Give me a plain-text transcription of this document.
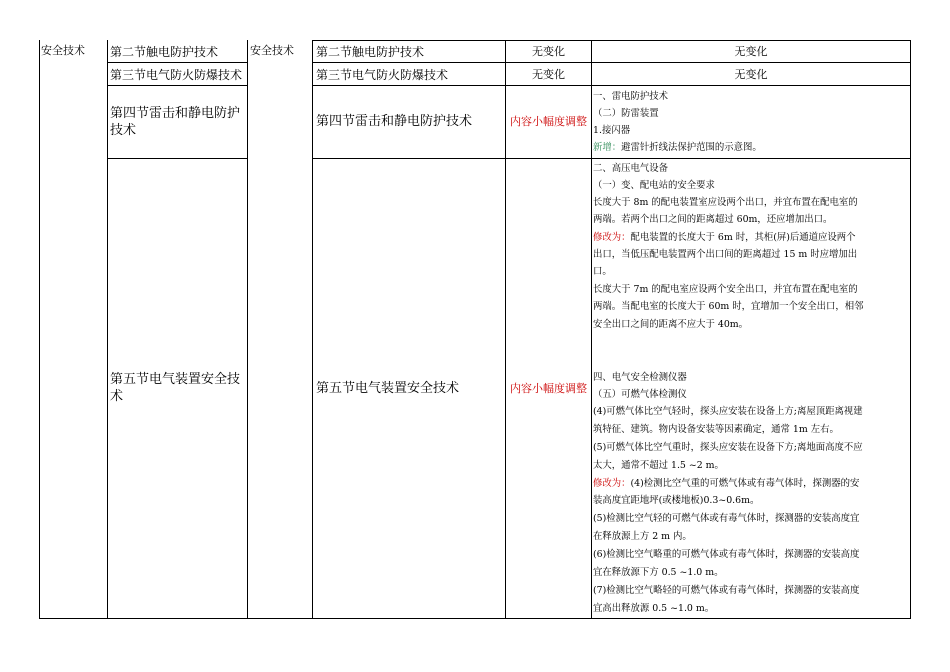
安全技术	安全技术
第二节触电防护技术
第三节电气防火防爆技术
第四节雷击和静电防护技术
第五节电气装置安全技术
第二节触电防护技术
第三节电气防火防爆技术
第四节雷击和静电防护技术
第五节电气装置安全技术
无变化
无变化
内容小幅度调整
内容小幅度调整
无变化
无变化
一、雷电防护技术
（二）防雷装置
1.接闪器
新增：避雷针折线法保护范围的示意图。
二、高压电气设备
（一）变、配电站的安全要求
长度大于 8m 的配电装置室应设两个出口，并宜布置在配电室的
两端。若两个出口之间的距离超过 60m，还应增加出口。
修改为：配电装置的长度大于 6m 时，其柜(屏)后通道应设两个
出口，当低压配电装置两个出口间的距离超过 15 m 时应增加出
口。
长度大于 7m 的配电室应设两个安全出口，并宜布置在配电室的
两端。当配电室的长度大于 60m 时，宜增加一个安全出口，相邻
安全出口之间的距离不应大于 40m。
四、电气安全检测仪器
（五）可燃气体检测仪
(4)可燃气体比空气轻时，探头应安装在设备上方;离屋顶距离视建
筑特征、建筑。物内设备安装等因素确定，通常 1m 左右。
(5)可燃气体比空气重时，探头应安装在设备下方;离地面高度不应
太大，通常不超过 1.5 ~2 m。
修改为：(4)检测比空气重的可燃气体或有毒气体时，探测器的安
装高度宜距地坪(或楼地板)0.3~0.6m。
(5)检测比空气轻的可燃气体或有毒气体时，探测器的安装高度宜
在释放源上方 2 m 内。
(6)检测比空气略重的可燃气体或有毒气体时，探测器的安装高度
宜在释放源下方 0.5 ~1.0 m。
(7)检测比空气略轻的可燃气体或有毒气体时，探测器的安装高度
宜高出释放源 0.5 ~1.0 m。
